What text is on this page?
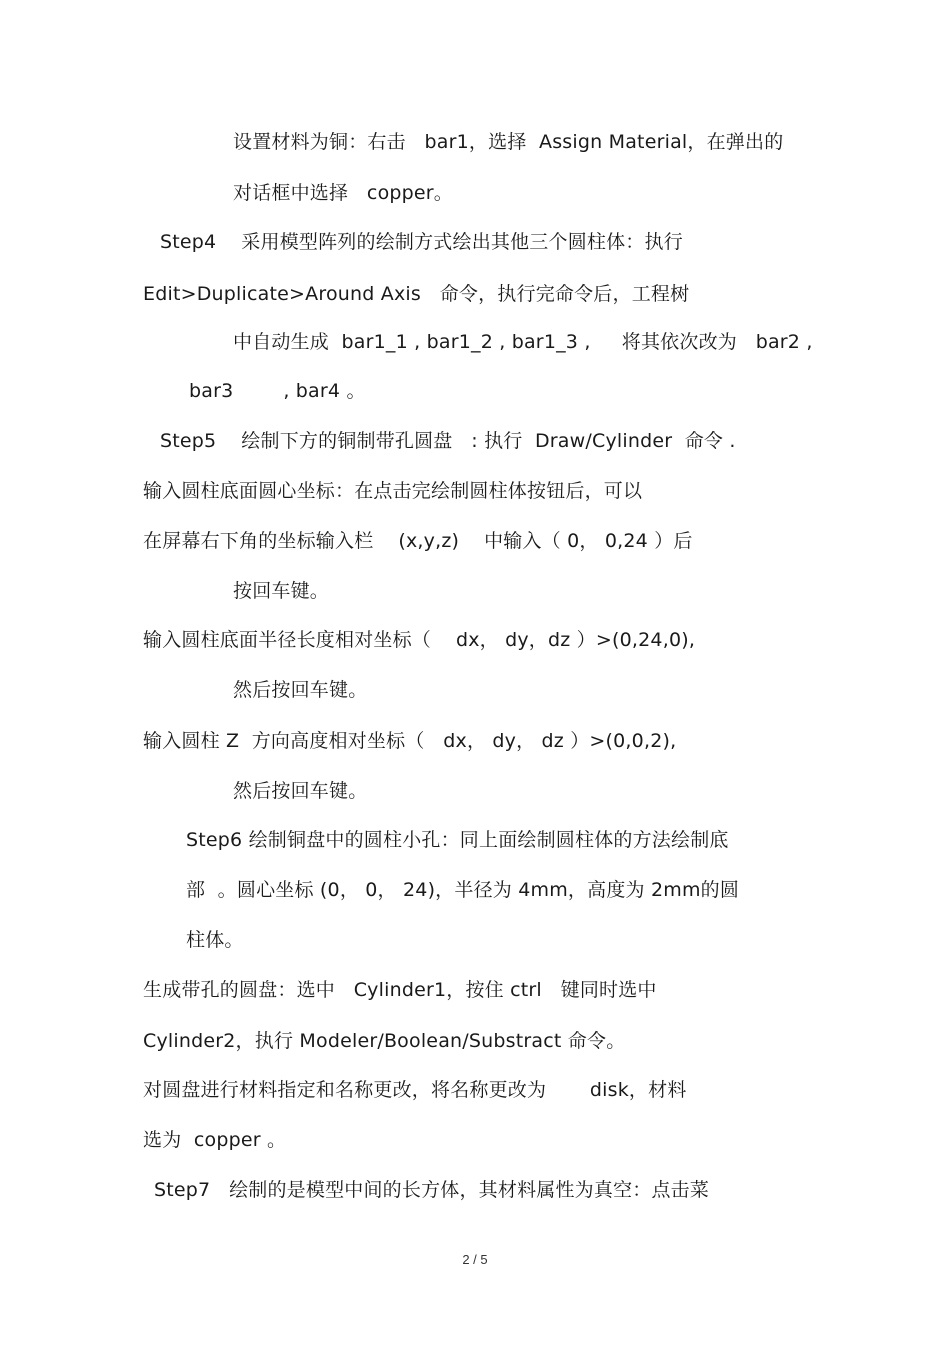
设置材料为铜：右击   bar1，选择  Assign Material，在弹出的
对话框中选择   copper。
Step4    采用模型阵列的绘制方式绘出其他三个圆柱体：执行
Edit>Duplicate>Around Axis   命令，执行完命令后，工程树
中自动生成  bar1_1 , bar1_2 , bar1_3 ,     将其依次改为   bar2 ,
bar3        , bar4 。
Step5    绘制下方的铜制带孔圆盘   : 执行  Draw/Cylinder  命令 .
输入圆柱底面圆心坐标：在点击完绘制圆柱体按钮后，可以
在屏幕右下角的坐标输入栏    (x,y,z)    中输入（ 0， 0,24 ）后
按回车键。
输入圆柱底面半径长度相对坐标（    dx， dy，dz ）>(0,24,0),
然后按回车键。
输入圆柱 Z  方向高度相对坐标（   dx， dy， dz ）>(0,0,2),
然后按回车键。
Step6 绘制铜盘中的圆柱小孔：同上面绘制圆柱体的方法绘制底
部  。圆心坐标 (0， 0， 24)，半径为 4mm，高度为 2mm的圆
柱体。
生成带孔的圆盘：选中   Cylinder1，按住 ctrl   键同时选中
Cylinder2，执行 Modeler/Boolean/Substract 命令。
对圆盘进行材料指定和名称更改，将名称更改为       disk，材料
选为  copper 。
Step7   绘制的是模型中间的长方体，其材料属性为真空：点击菜
2 / 5
